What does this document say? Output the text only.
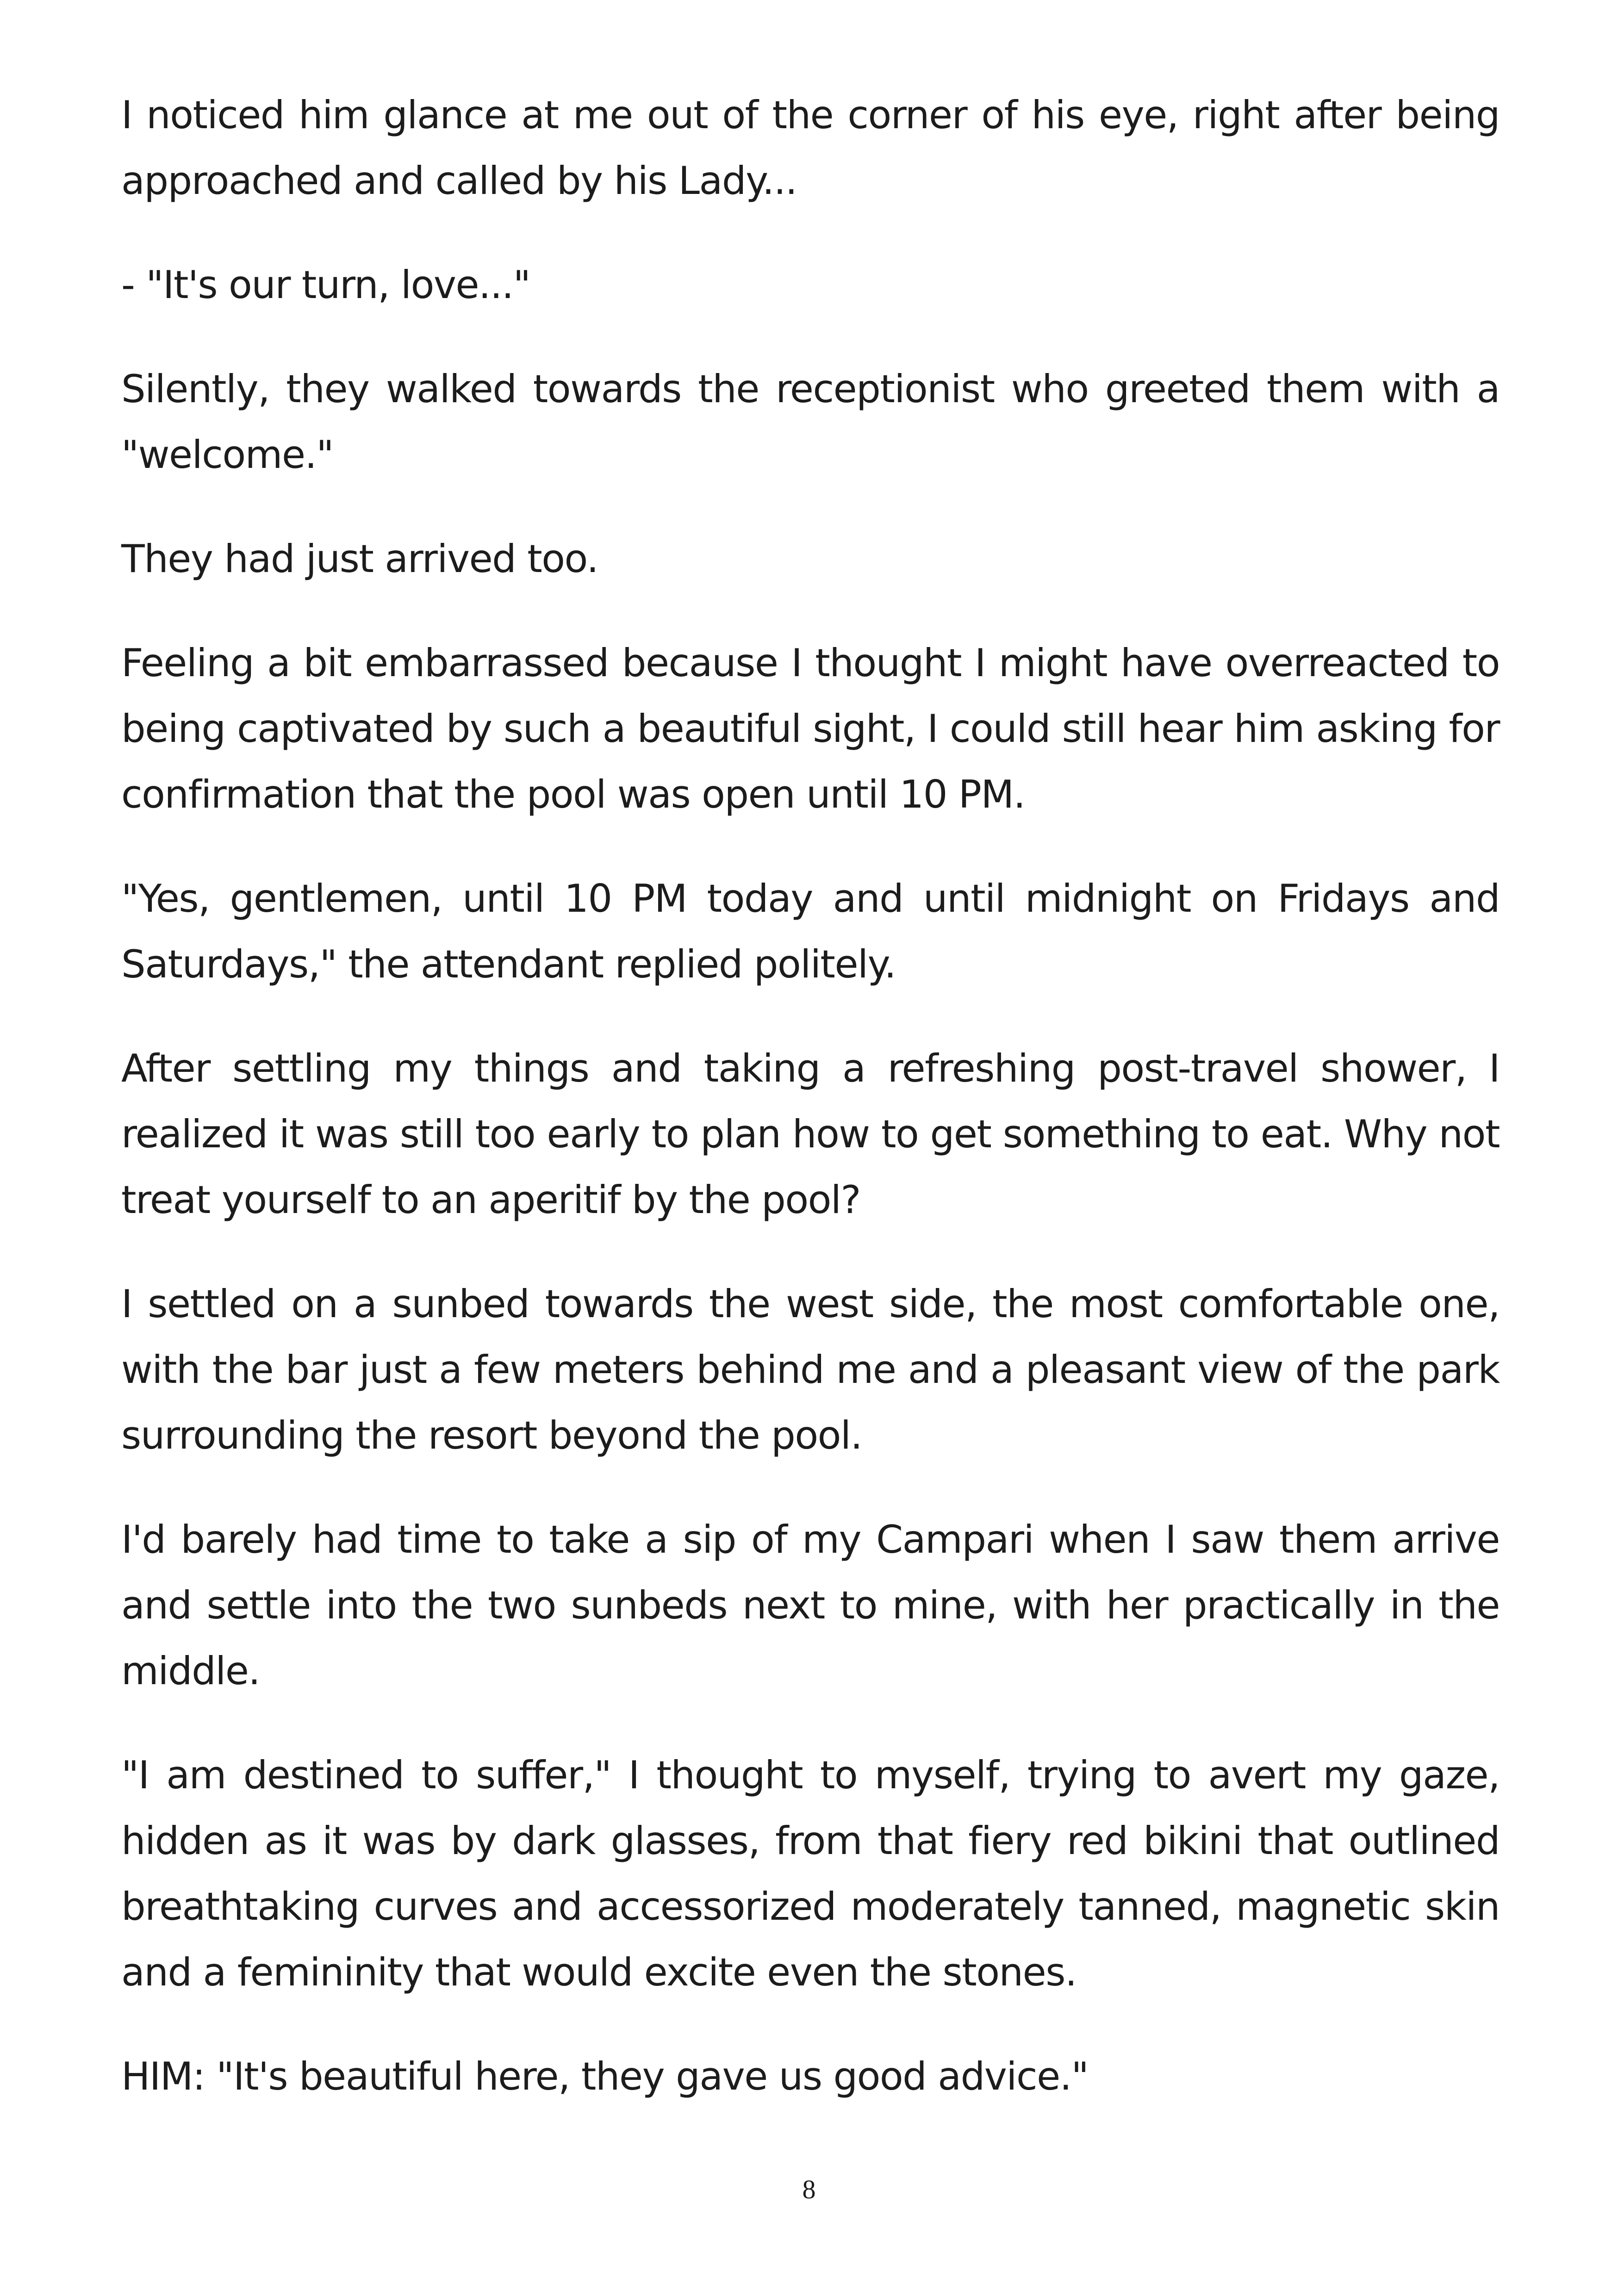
I noticed him glance at me out of the corner of his eye, right after being approached and called by his Lady...

- "It's our turn, love..."

Silently, they walked towards the receptionist who greeted them with a "welcome."

They had just arrived too.

Feeling a bit embarrassed because I thought I might have overreacted to being captivated by such a beautiful sight, I could still hear him asking for confirmation that the pool was open until 10 PM.

"Yes, gentlemen, until 10 PM today and until midnight on Fridays and Saturdays," the attendant replied politely.

After settling my things and taking a refreshing post-travel shower, I realized it was still too early to plan how to get something to eat. Why not treat yourself to an aperitif by the pool?

I settled on a sunbed towards the west side, the most comfortable one, with the bar just a few meters behind me and a pleasant view of the park surrounding the resort beyond the pool.

I'd barely had time to take a sip of my Campari when I saw them arrive and settle into the two sunbeds next to mine, with her practically in the middle.

"I am destined to suffer," I thought to myself, trying to avert my gaze, hidden as it was by dark glasses, from that fiery red bikini that outlined breathtaking curves and accessorized moderately tanned, magnetic skin and a femininity that would excite even the stones.

HIM: "It's beautiful here, they gave us good advice."

8
